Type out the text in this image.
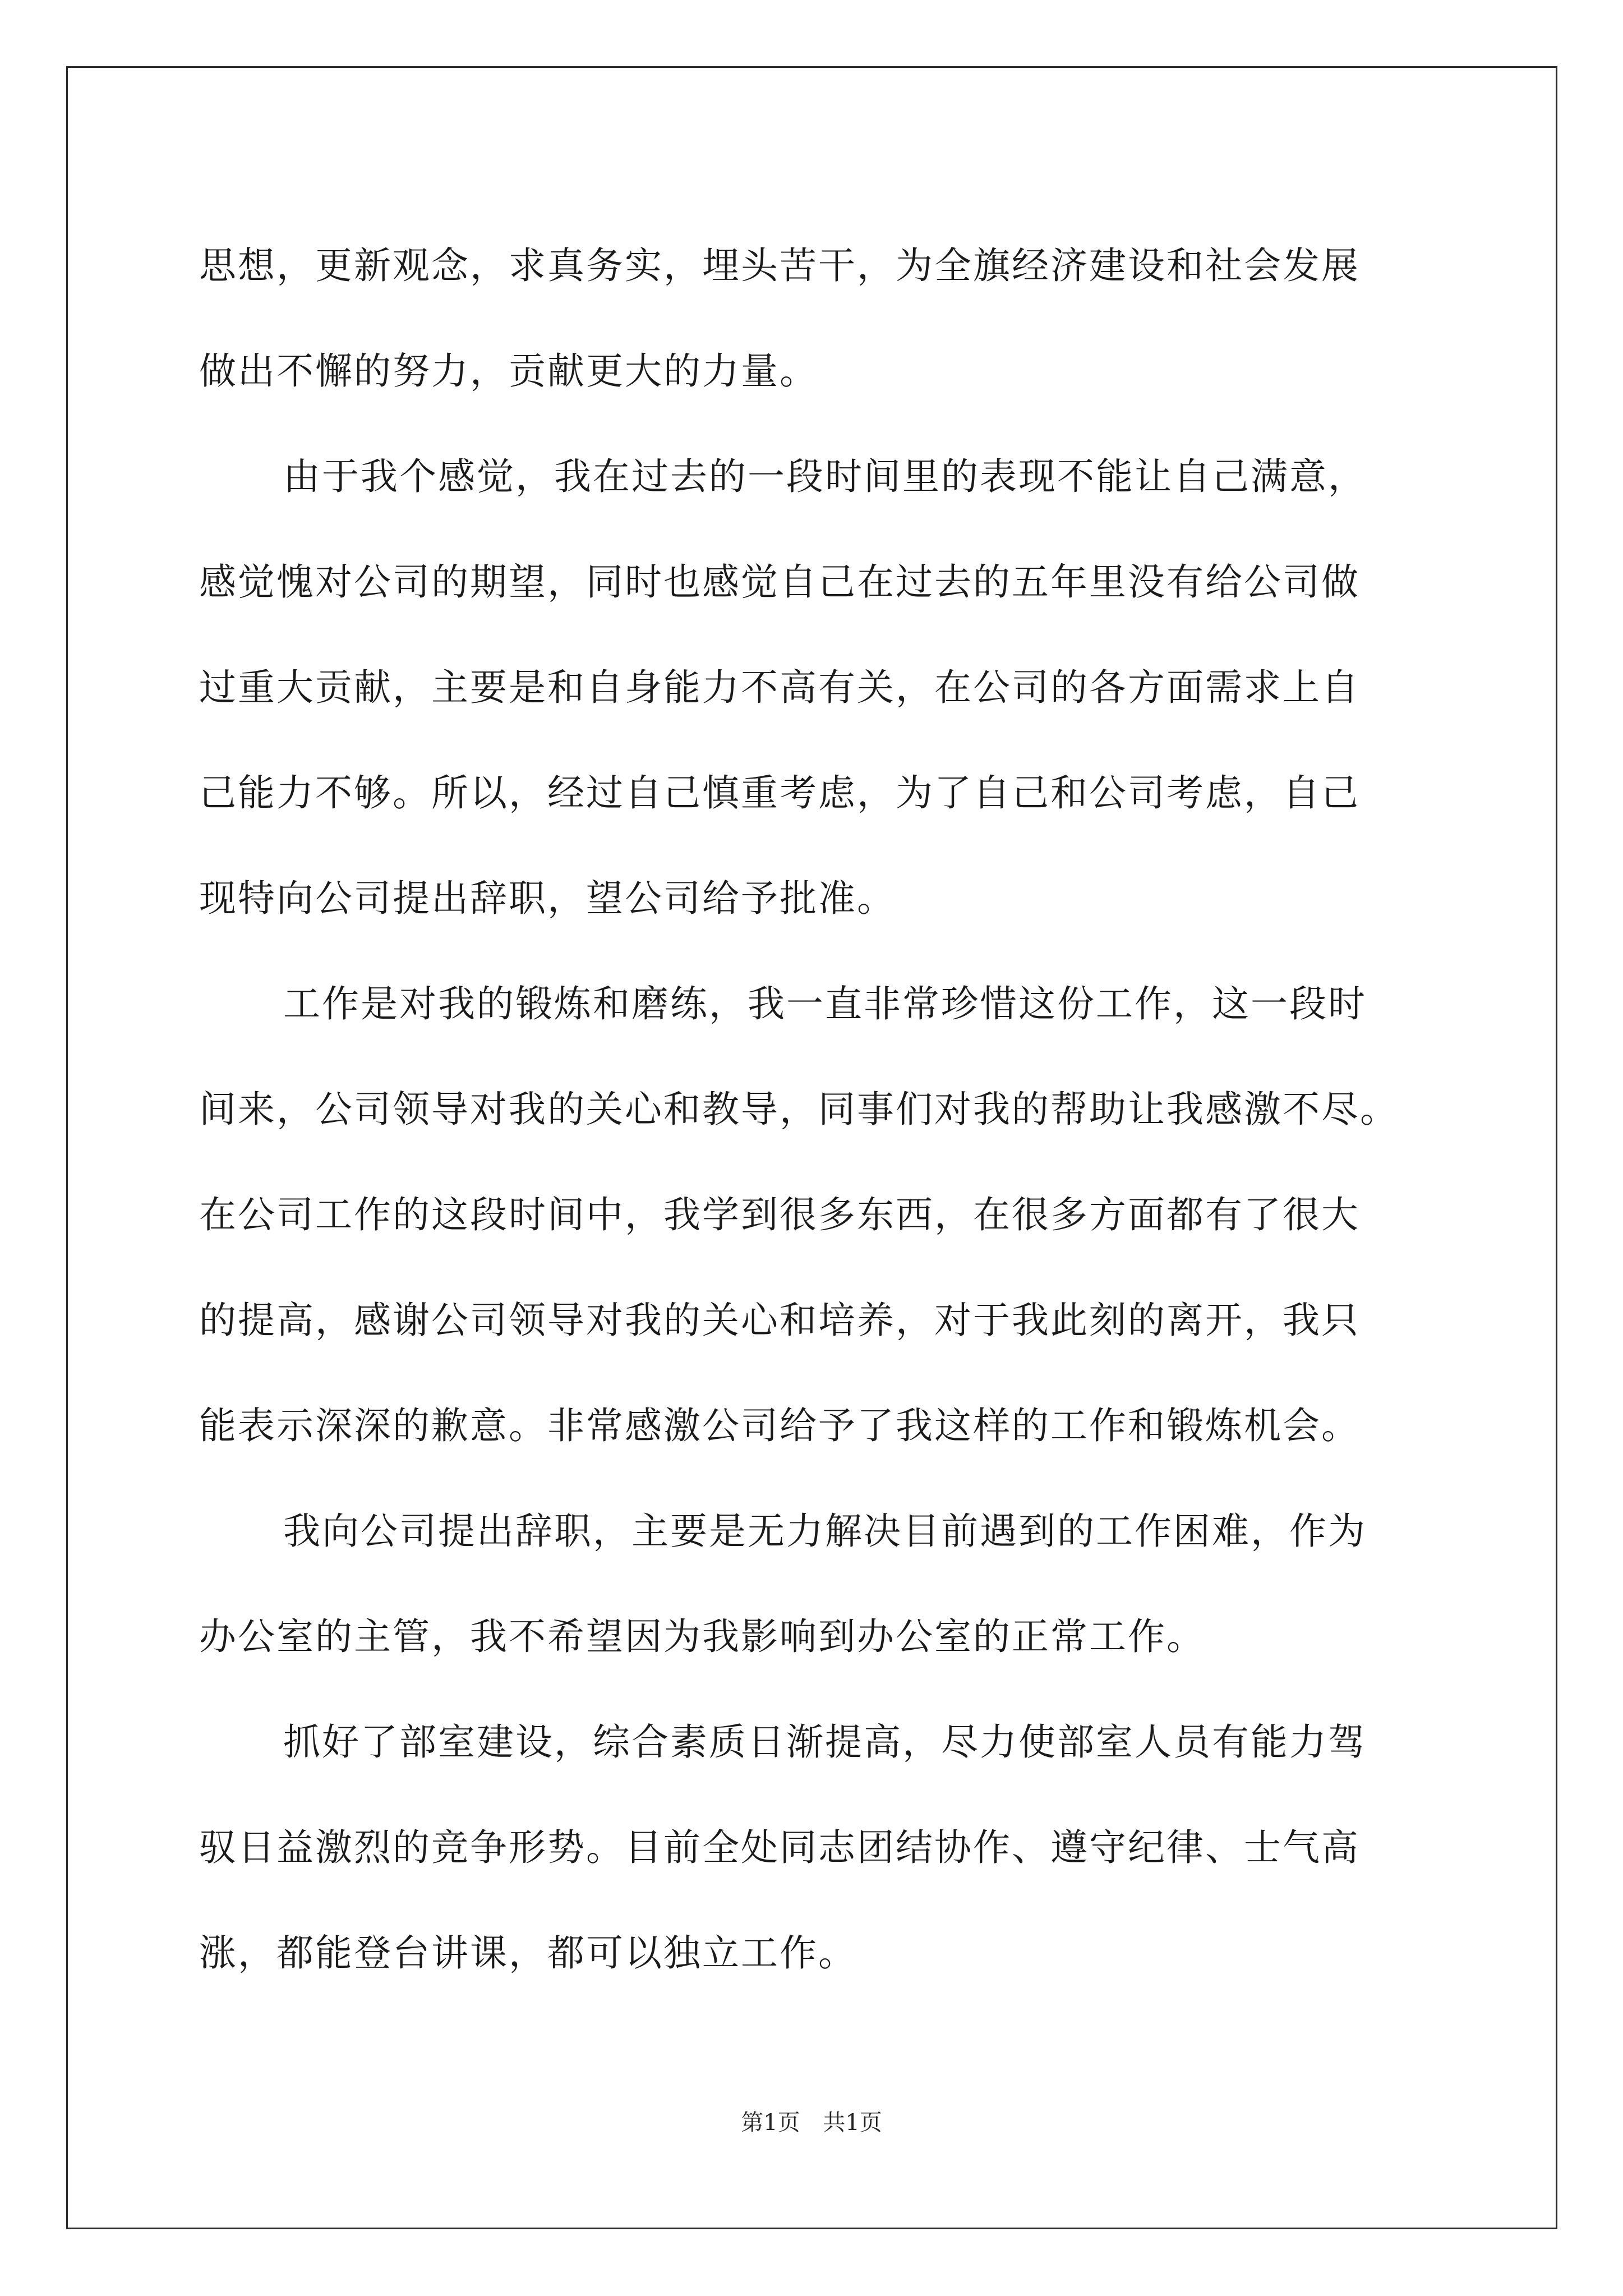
思想，更新观念，求真务实，埋头苦干，为全旗经济建设和社会发展
做出不懈的努力，贡献更大的力量。
由于我个感觉，我在过去的一段时间里的表现不能让自己满意，
感觉愧对公司的期望，同时也感觉自己在过去的五年里没有给公司做
过重大贡献，主要是和自身能力不高有关，在公司的各方面需求上自
己能力不够。所以，经过自己慎重考虑，为了自己和公司考虑，自己
现特向公司提出辞职，望公司给予批准。
工作是对我的锻炼和磨练，我一直非常珍惜这份工作，这一段时
间来，公司领导对我的关心和教导，同事们对我的帮助让我感激不尽。
在公司工作的这段时间中，我学到很多东西，在很多方面都有了很大
的提高，感谢公司领导对我的关心和培养，对于我此刻的离开，我只
能表示深深的歉意。非常感激公司给予了我这样的工作和锻炼机会。
我向公司提出辞职，主要是无力解决目前遇到的工作困难，作为
办公室的主管，我不希望因为我影响到办公室的正常工作。
抓好了部室建设，综合素质日渐提高，尽力使部室人员有能力驾
驭日益激烈的竞争形势。目前全处同志团结协作、遵守纪律、士气高
涨，都能登台讲课，都可以独立工作。
第1页 共1页
